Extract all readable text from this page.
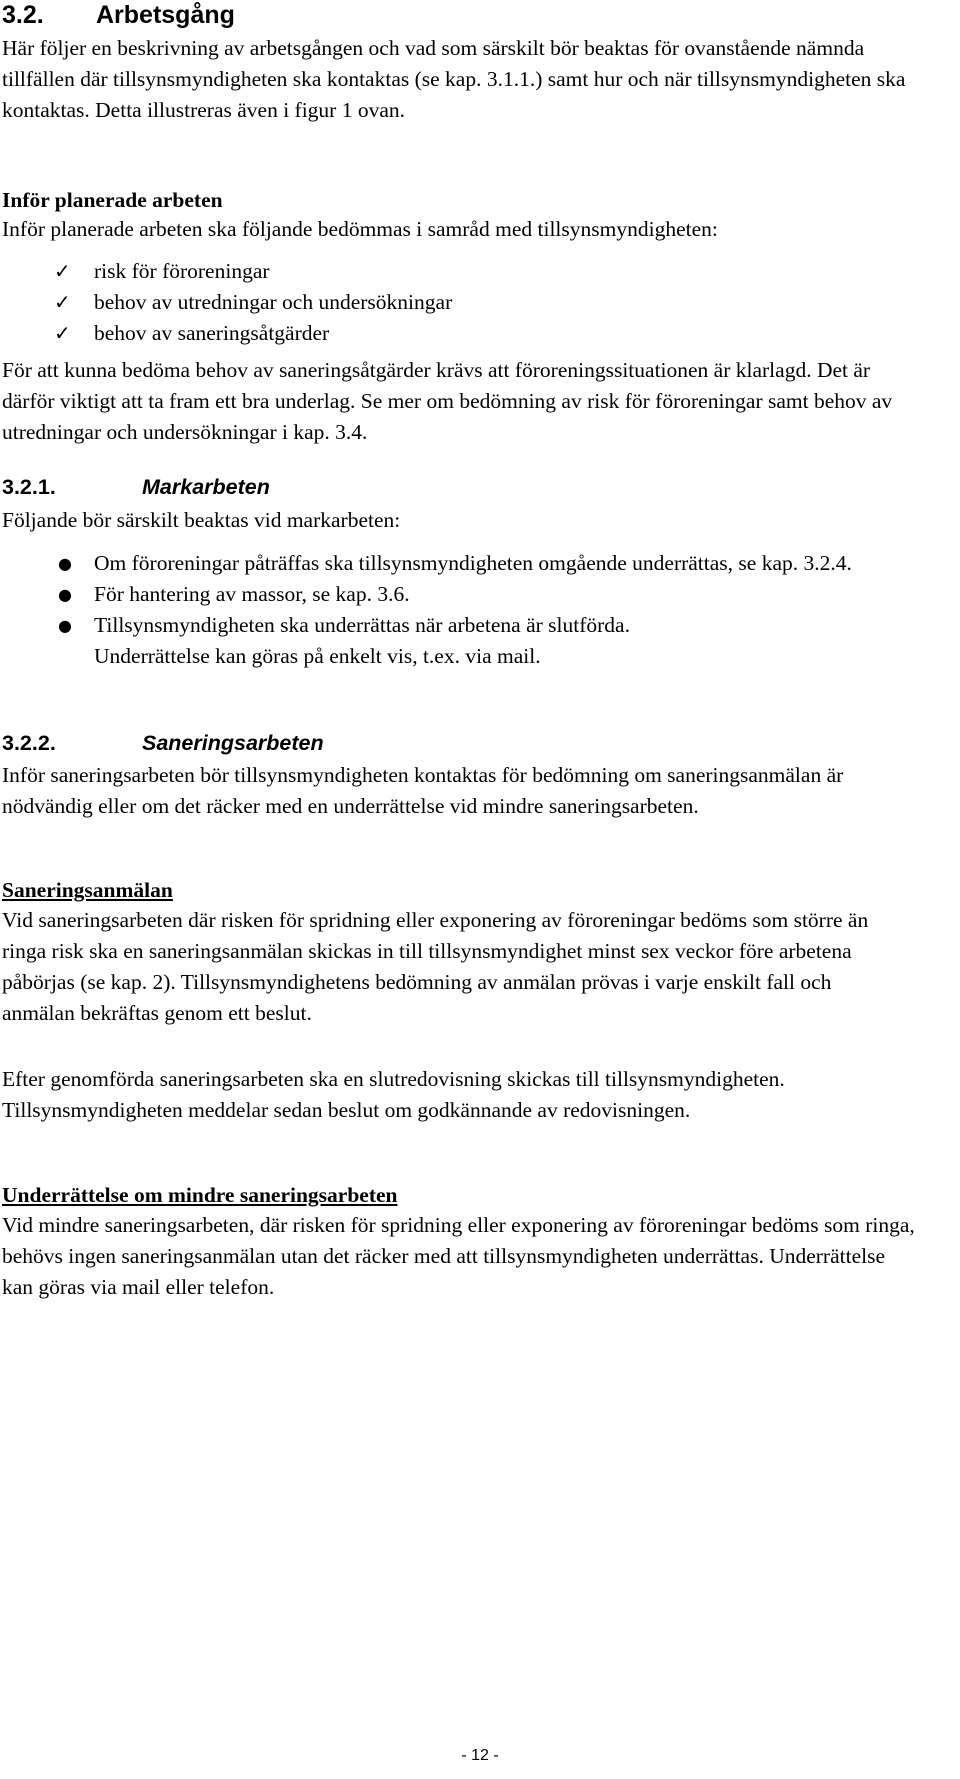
3.2. Arbetsgång

Här följer en beskrivning av arbetsgången och vad som särskilt bör beaktas för ovanstående nämnda tillfällen där tillsynsmyndigheten ska kontaktas (se kap. 3.1.1.) samt hur och när tillsynsmyndigheten ska kontaktas. Detta illustreras även i figur 1 ovan.

Inför planerade arbeten

Inför planerade arbeten ska följande bedömmas i samråd med tillsynsmyndigheten:

✓ risk för föroreningar
✓ behov av utredningar och undersökningar
✓ behov av saneringsåtgärder

För att kunna bedöma behov av saneringsåtgärder krävs att föroreningssituationen är klarlagd. Det är därför viktigt att ta fram ett bra underlag. Se mer om bedömning av risk för föroreningar samt behov av utredningar och undersökningar i kap. 3.4.

3.2.1.	Markarbeten

Följande bör särskilt beaktas vid markarbeten:

● Om föroreningar påträffas ska tillsynsmyndigheten omgående underrättas, se kap. 3.2.4.
● För hantering av massor, se kap. 3.6.
● Tillsynsmyndigheten ska underrättas när arbetena är slutförda. Underrättelse kan göras på enkelt vis, t.ex. via mail.
3.2.2.	Saneringsarbeten

Inför saneringsarbeten bör tillsynsmyndigheten kontaktas för bedömning om saneringsanmälan är nödvändig eller om det räcker med en underrättelse vid mindre saneringsarbeten.

Saneringsanmälan

Vid saneringsarbeten där risken för spridning eller exponering av föroreningar bedöms som större än ringa risk ska en saneringsanmälan skickas in till tillsynsmyndighet minst sex veckor före arbetena påbörjas (se kap. 2). Tillsynsmyndighetens bedömning av anmälan prövas i varje enskilt fall och anmälan bekräftas genom ett beslut.

Efter genomförda saneringsarbeten ska en slutredovisning skickas till tillsynsmyndigheten. Tillsynsmyndigheten meddelar sedan beslut om godkännande av redovisningen.

Underrättelse om mindre saneringsarbeten

Vid mindre saneringsarbeten, där risken för spridning eller exponering av föroreningar bedöms som ringa, behövs ingen saneringsanmälan utan det räcker med att tillsynsmyndigheten underrättas. Underrättelse kan göras via mail eller telefon.

- 12 -
